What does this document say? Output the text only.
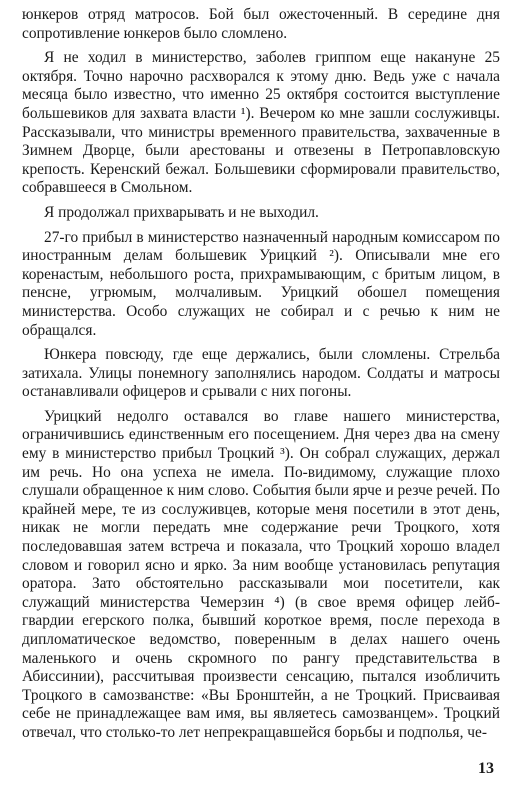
юнкеров отряд матросов. Бой был ожесточенный. В середине дня сопротивление юнкеров было сломлено.

Я не ходил в министерство, заболев гриппом еще накануне 25 октября. Точно нарочно расхворался к этому дню. Ведь уже с начала месяца было известно, что именно 25 октября состоится выступление большевиков для захвата власти ¹). Вечером ко мне зашли сослуживцы. Рассказывали, что министры временного правительства, захваченные в Зимнем Дворце, были арестованы и отвезены в Петропавловскую крепость. Керенский бежал. Большевики сформировали правительство, собравшееся в Смольном.

Я продолжал прихварывать и не выходил.

27-го прибыл в министерство назначенный народным комиссаром по иностранным делам большевик Урицкий ²). Описывали мне его коренастым, небольшого роста, прихрамывающим, с бритым лицом, в пенсне, угрюмым, молчаливым. Урицкий обошел помещения министерства. Особо служащих не собирал и с речью к ним не обращался.

Юнкера повсюду, где еще держались, были сломлены. Стрельба затихала. Улицы понемногу заполнялись народом. Солдаты и матросы останавливали офицеров и срывали с них погоны.

Урицкий недолго оставался во главе нашего министерства, ограничившись единственным его посещением. Дня через два на смену ему в министерство прибыл Троцкий ³). Он собрал служащих, держал им речь. Но она успеха не имела. По-видимому, служащие плохо слушали обращенное к ним слово. События были ярче и резче речей. По крайней мере, те из сослуживцев, которые меня посетили в этот день, никак не могли передать мне содержание речи Троцкого, хотя последовавшая затем встреча и показала, что Троцкий хорошо владел словом и говорил ясно и ярко. За ним вообще установилась репутация оратора. Зато обстоятельно рассказывали мои посетители, как служащий министерства Чемерзин ⁴) (в свое время офицер лейб-гвардии егерского полка, бывший короткое время, после перехода в дипломатическое ведомство, поверенным в делах нашего очень маленького и очень скромного по рангу представительства в Абиссинии), рассчитывая произвести сенсацию, пытался изобличить Троцкого в самозванстве: «Вы Бронштейн, а не Троцкий. Присваивая себе не принадлежащее вам имя, вы являетесь самозванцем». Троцкий отвечал, что столько-то лет непрекращавшейся борьбы и подполья, че-

13
